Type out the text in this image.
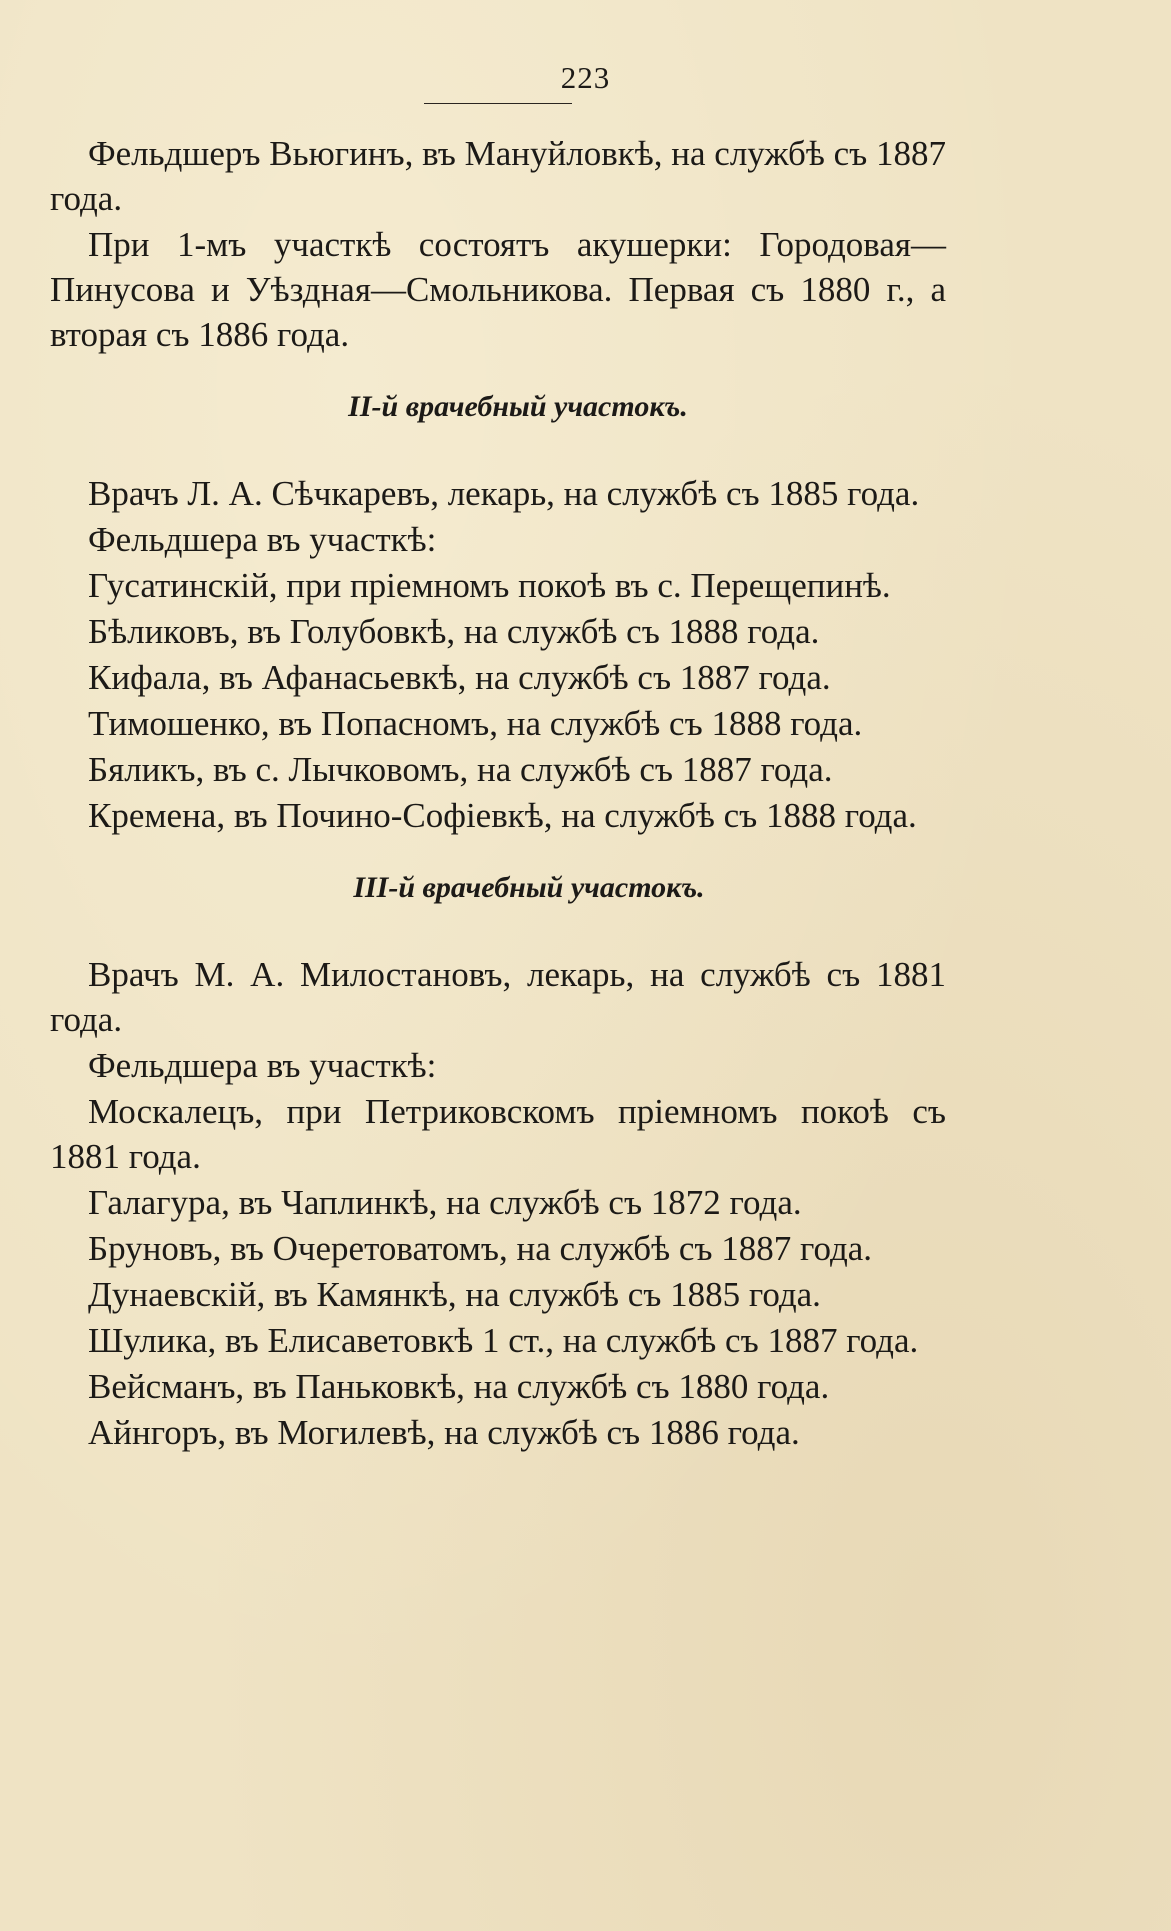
223

Фельдшеръ Вьюгинъ, въ Мануйловкѣ, на службѣ съ 1887 года.

При 1-мъ участкѣ состоятъ акушерки: Городовая—Пинусова и Уѣздная—Смольникова. Первая съ 1880 г., а вторая съ 1886 года.

II-й врачебный участокъ.

Врачъ Л. А. Сѣчкаревъ, лекарь, на службѣ съ 1885 года.

Фельдшера въ участкѣ:

Гусатинскій, при пріемномъ покоѣ въ с. Перещепинѣ.

Бѣликовъ, въ Голубовкѣ, на службѣ съ 1888 года.

Кифала, въ Афанасьевкѣ, на службѣ съ 1887 года.

Тимошенко, въ Попасномъ, на службѣ съ 1888 года.

Бяликъ, въ с. Лычковомъ, на службѣ съ 1887 года.

Кремена, въ Почино-Софіевкѣ, на службѣ съ 1888 года.

III-й врачебный участокъ.

Врачъ М. А. Милостановъ, лекарь, на службѣ съ 1881 года.

Фельдшера въ участкѣ:

Москалецъ, при Петриковскомъ пріемномъ покоѣ съ 1881 года.

Галагура, въ Чаплинкѣ, на службѣ съ 1872 года.

Бруновъ, въ Очеретоватомъ, на службѣ съ 1887 года.

Дунаевскій, въ Камянкѣ, на службѣ съ 1885 года.

Шулика, въ Елисаветовкѣ 1 ст., на службѣ съ 1887 года.

Вейсманъ, въ Паньковкѣ, на службѣ съ 1880 года.

Айнгоръ, въ Могилевѣ, на службѣ съ 1886 года.
